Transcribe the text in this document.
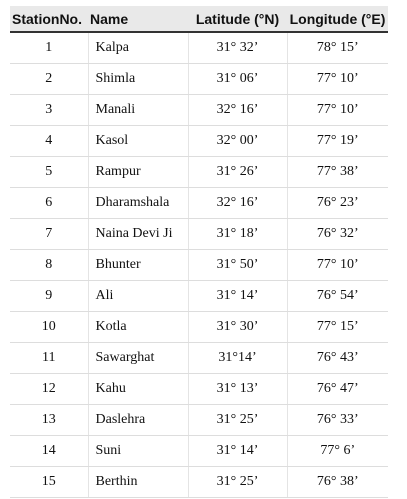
StationNo.	Name	Latitude (°N)	Longitude (°E)
1	Kalpa	31° 32’	78° 15’
2	Shimla	31° 06’	77° 10’
3	Manali	32° 16’	77° 10’
4	Kasol	32° 00’	77° 19’
5	Rampur	31° 26’	77° 38’
6	Dharamshala	32° 16’	76° 23’
7	Naina Devi Ji	31° 18’	76° 32’
8	Bhunter	31° 50’	77° 10’
9	Ali	31° 14’	76° 54’
10	Kotla	31° 30’	77° 15’
11	Sawarghat	31°14’	76° 43’
12	Kahu	31° 13’	76° 47’
13	Daslehra	31° 25’	76° 33’
14	Suni	31° 14’	77° 6’
15	Berthin	31° 25’	76° 38’
